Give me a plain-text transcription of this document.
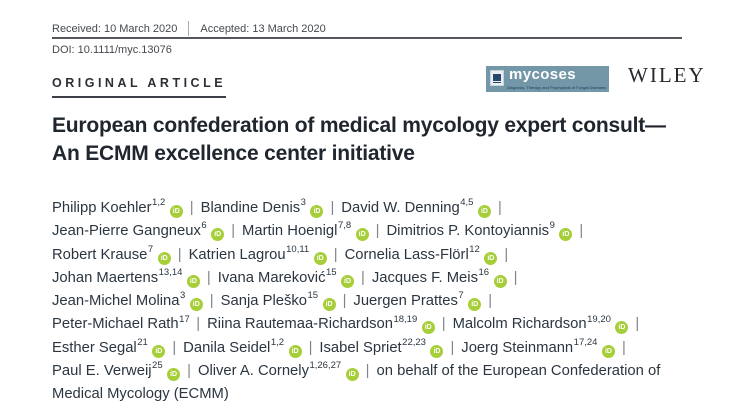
Received: 10 March 2020 Accepted: 13 March 2020
DOI: 10.1111/myc.13076
ORIGINAL ARTICLE	mycoses
Diagnosis, Therapy and Prophylaxis of Fungal Diseases
WILEY
European confederation of medical mycology expert consult—
An ECMM excellence center initiative
Philipp Koehler$^{1,2}$iD | Blandine Denis$^3$iD | David W. Denning$^{4,5}$iD |
Jean-Pierre Gangneux$^6$iD | Martin Hoenigl$^{7,8}$iD | Dimitrios P. Kontoyiannis$^9$iD |
Robert Krause$^7$iD | Katrien Lagrou$^{10,11}$iD | Cornelia Lass-Flörl$^{12}$iD |
Johan Maertens$^{13,14}$iD | Ivana Mareković$^{15}$iD | Jacques F. Meis$^{16}$iD |
Jean-Michel Molina$^3$iD | Sanja Pleško$^{15}$iD | Juergen Prattes$^7$iD |
Peter-Michael Rath$^{17}$ | Riina Rautemaa-Richardson$^{18,19}$iD | Malcolm Richardson$^{19,20}$iD |
Esther Segal$^{21}$iD | Danila Seidel$^{1,2}$iD | Isabel Spriet$^{22,23}$iD | Joerg Steinmann$^{17,24}$iD |
Paul E. Verweij$^{25}$iD | Oliver A. Cornely$^{1,26,27}$iD | on behalf of the European Confederation of Medical Mycology (ECMM)
